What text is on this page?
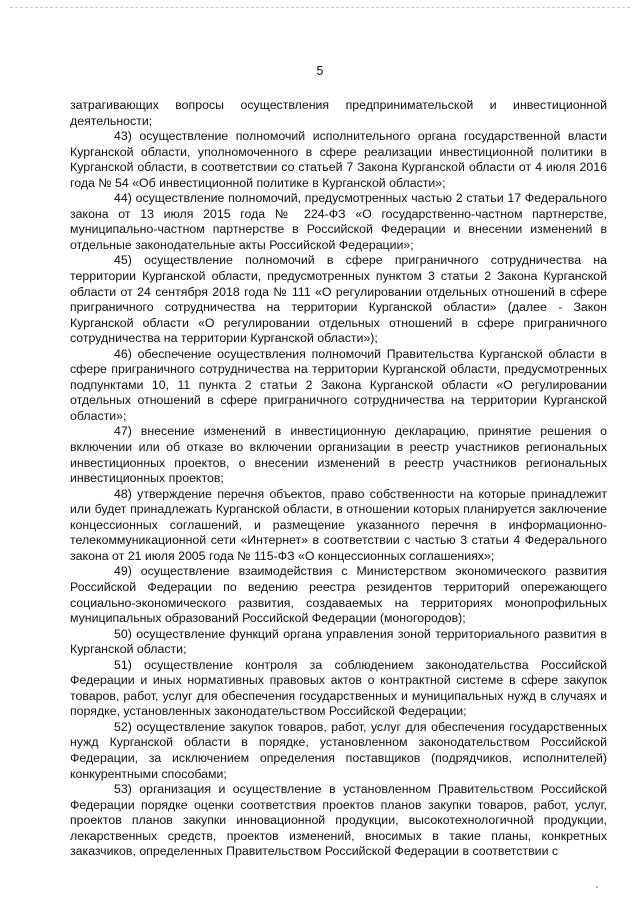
5

затрагивающих вопросы осуществления предпринимательской и инвестиционной деятельности;

43) осуществление полномочий исполнительного органа государственной власти Курганской области, уполномоченного в сфере реализации инвестиционной политики в Курганской области, в соответствии со статьей 7 Закона Курганской области от 4 июля 2016 года № 54 «Об инвестиционной политике в Курганской области»;

44) осуществление полномочий, предусмотренных частью 2 статьи 17 Федерального закона от 13 июля 2015 года № 224-ФЗ «О государственно-частном партнерстве, муниципально-частном партнерстве в Российской Федерации и внесении изменений в отдельные законодательные акты Российской Федерации»;

45) осуществление полномочий в сфере приграничного сотрудничества на территории Курганской области, предусмотренных пунктом 3 статьи 2 Закона Курганской области от 24 сентября 2018 года № 111 «О регулировании отдельных отношений в сфере приграничного сотрудничества на территории Курганской области» (далее - Закон Курганской области «О регулировании отдельных отношений в сфере приграничного сотрудничества на территории Курганской области»);

46) обеспечение осуществления полномочий Правительства Курганской области в сфере приграничного сотрудничества на территории Курганской области, предусмотренных подпунктами 10, 11 пункта 2 статьи 2 Закона Курганской области «О регулировании отдельных отношений в сфере приграничного сотрудничества на территории Курганской области»;

47) внесение изменений в инвестиционную декларацию, принятие решения о включении или об отказе во включении организации в реестр участников региональных инвестиционных проектов, о внесении изменений в реестр участников региональных инвестиционных проектов;

48) утверждение перечня объектов, право собственности на которые принадлежит или будет принадлежать Курганской области, в отношении которых планируется заключение концессионных соглашений, и размещение указанного перечня в информационно-телекоммуникационной сети «Интернет» в соответствии с частью 3 статьи 4 Федерального закона от 21 июля 2005 года № 115-ФЗ «О концессионных соглашениях»;

49) осуществление взаимодействия с Министерством экономического развития Российской Федерации по ведению реестра резидентов территорий опережающего социально-экономического развития, создаваемых на территориях монопрофильных муниципальных образований Российской Федерации (моногородов);

50) осуществление функций органа управления зоной территориального развития в Курганской области;

51) осуществление контроля за соблюдением законодательства Российской Федерации и иных нормативных правовых актов о контрактной системе в сфере закупок товаров, работ, услуг для обеспечения государственных и муниципальных нужд в случаях и порядке, установленных законодательством Российской Федерации;

52) осуществление закупок товаров, работ, услуг для обеспечения государственных нужд Курганской области в порядке, установленном законодательством Российской Федерации, за исключением определения поставщиков (подрядчиков, исполнителей) конкурентными способами;

53) организация и осуществление в установленном Правительством Российской Федерации порядке оценки соответствия проектов планов закупки товаров, работ, услуг, проектов планов закупки инновационной продукции, высокотехнологичной продукции, лекарственных средств, проектов изменений, вносимых в такие планы, конкретных заказчиков, определенных Правительством Российской Федерации в соответствии с
